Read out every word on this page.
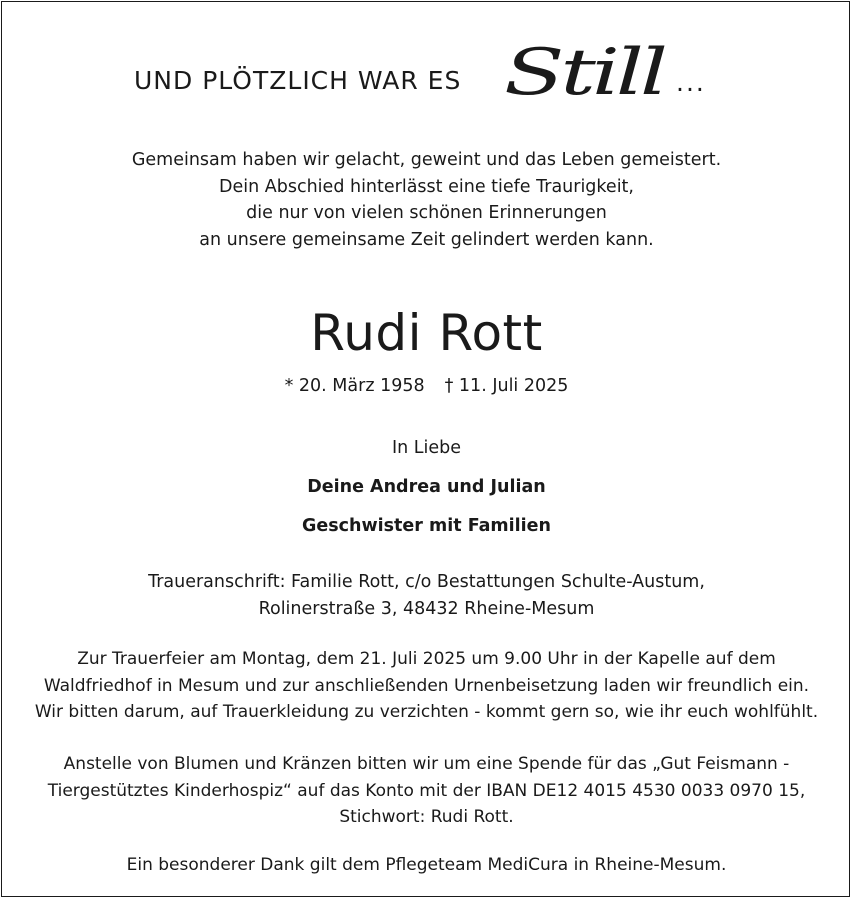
UND PLÖTZLICH WAR ES Still ...
Gemeinsam haben wir gelacht, geweint und das Leben gemeistert.
Dein Abschied hinterlässt eine tiefe Traurigkeit,
die nur von vielen schönen Erinnerungen
an unsere gemeinsame Zeit gelindert werden kann.
Rudi Rott
* 20. März 1958 † 11. Juli 2025
In Liebe
Deine Andrea und Julian
Geschwister mit Familien
Traueranschrift: Familie Rott, c/o Bestattungen Schulte-Austum,
Rolinerstraße 3, 48432 Rheine-Mesum
Zur Trauerfeier am Montag, dem 21. Juli 2025 um 9.00 Uhr in der Kapelle auf dem
Waldfriedhof in Mesum und zur anschließenden Urnenbeisetzung laden wir freundlich ein.
Wir bitten darum, auf Trauerkleidung zu verzichten - kommt gern so, wie ihr euch wohlfühlt.
Anstelle von Blumen und Kränzen bitten wir um eine Spende für das „Gut Feismann -
Tiergestütztes Kinderhospiz“ auf das Konto mit der IBAN DE12 4015 4530 0033 0970 15,
Stichwort: Rudi Rott.
Ein besonderer Dank gilt dem Pflegeteam MediCura in Rheine-Mesum.
